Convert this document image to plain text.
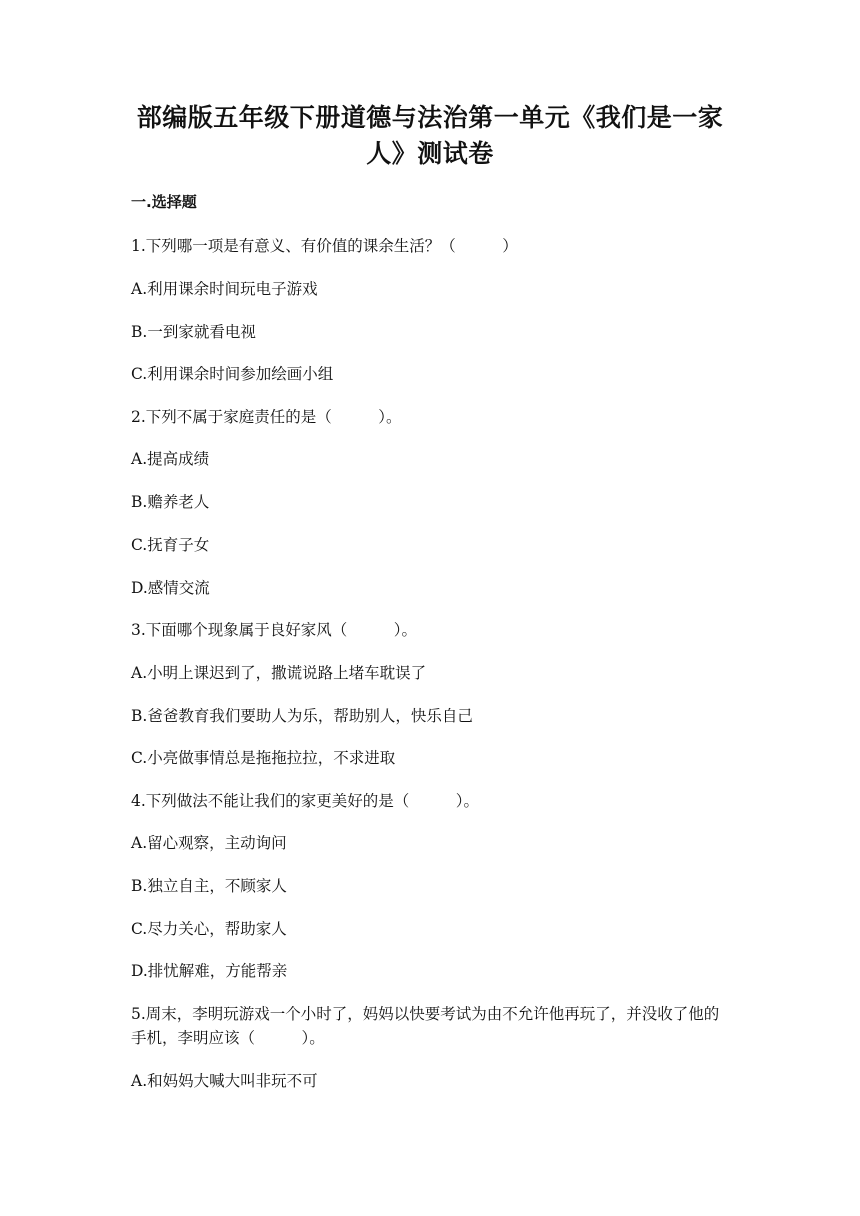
部编版五年级下册道德与法治第一单元《我们是一家人》测试卷
一.选择题
1.下列哪一项是有意义、有价值的课余生活？（　　　）
A.利用课余时间玩电子游戏
B.一到家就看电视
C.利用课余时间参加绘画小组
2.下列不属于家庭责任的是（　　　）。
A.提高成绩
B.赡养老人
C.抚育子女
D.感情交流
3.下面哪个现象属于良好家风（　　　）。
A.小明上课迟到了，撒谎说路上堵车耽误了
B.爸爸教育我们要助人为乐，帮助别人，快乐自己
C.小亮做事情总是拖拖拉拉，不求进取
4.下列做法不能让我们的家更美好的是（　　　）。
A.留心观察，主动询问
B.独立自主，不顾家人
C.尽力关心，帮助家人
D.排忧解难，方能帮亲
5.周末，李明玩游戏一个小时了，妈妈以快要考试为由不允许他再玩了，并没收了他的手机，李明应该（　　　）。
A.和妈妈大喊大叫非玩不可
